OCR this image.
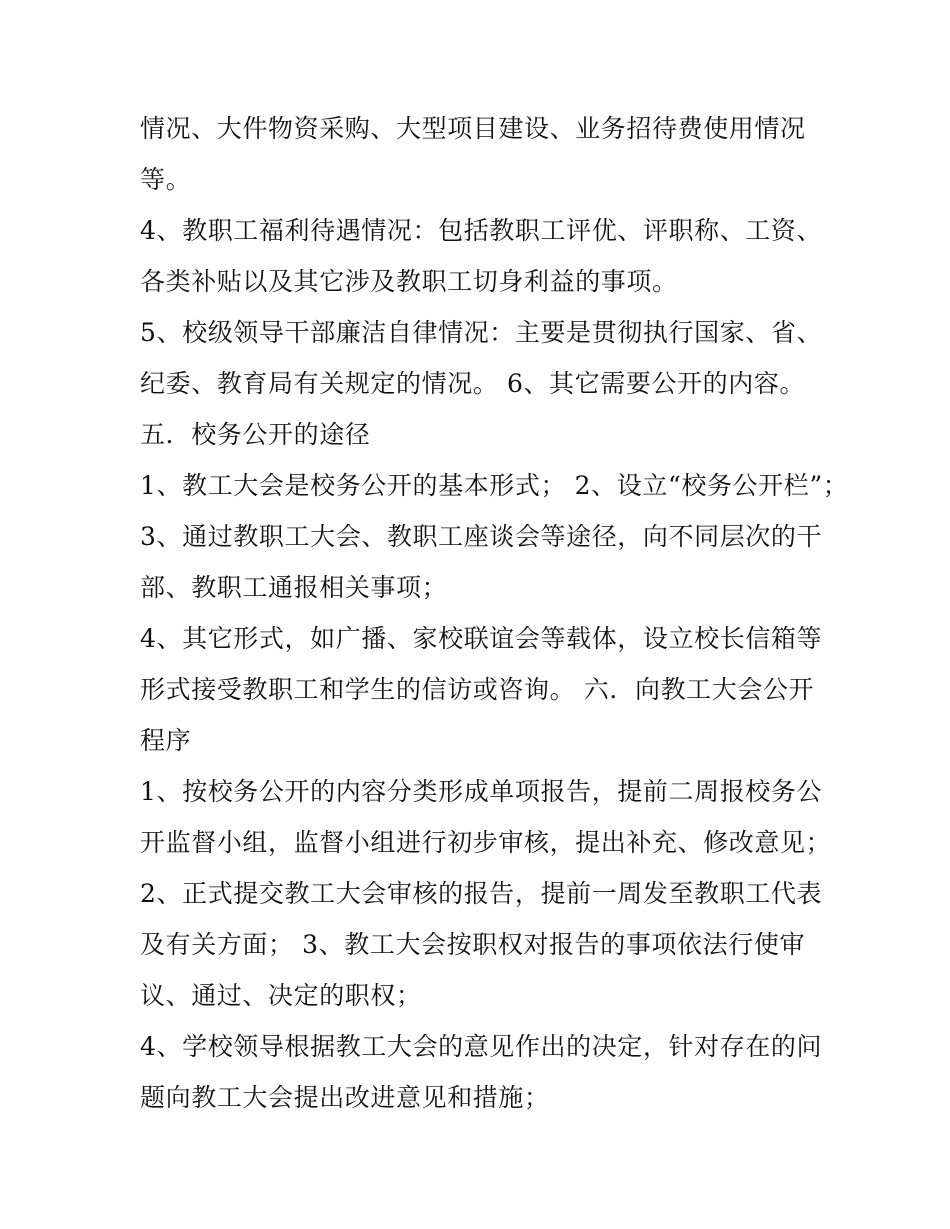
情况、大件物资采购、大型项目建设、业务招待费使用情况
等。
4、教职工福利待遇情况：包括教职工评优、评职称、工资、
各类补贴以及其它涉及教职工切身利益的事项。
5、校级领导干部廉洁自律情况：主要是贯彻执行国家、省、
纪委、教育局有关规定的情况。 6、其它需要公开的内容。
五．校务公开的途径
1、教工大会是校务公开的基本形式； 2、设立“校务公开栏”；
3、通过教职工大会、教职工座谈会等途径，向不同层次的干
部、教职工通报相关事项；
4、其它形式，如广播、家校联谊会等载体，设立校长信箱等
形式接受教职工和学生的信访或咨询。 六．向教工大会公开
程序
1、按校务公开的内容分类形成单项报告，提前二周报校务公
开监督小组，监督小组进行初步审核，提出补充、修改意见；
2、正式提交教工大会审核的报告，提前一周发至教职工代表
及有关方面； 3、教工大会按职权对报告的事项依法行使审
议、通过、决定的职权；
4、学校领导根据教工大会的意见作出的决定，针对存在的问
题向教工大会提出改进意见和措施；
